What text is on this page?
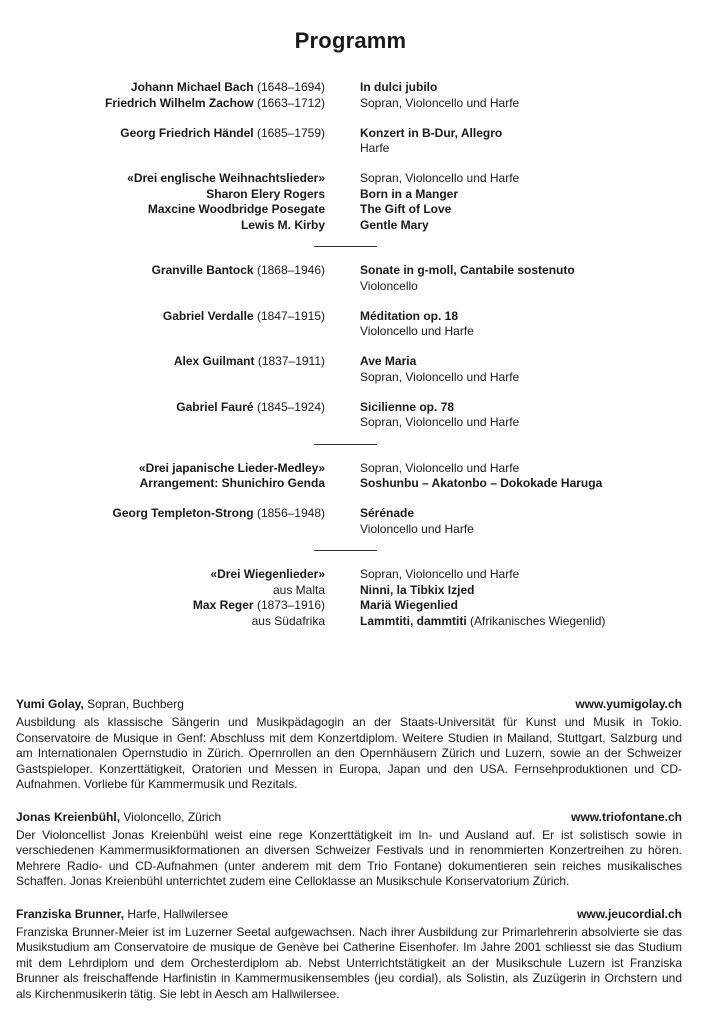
Programm
Johann Michael Bach (1648–1694)	In dulci jubilo
Friedrich Wilhelm Zachow (1663–1712)	Sopran, Violoncello und Harfe
Georg Friedrich Händel (1685–1759)	Konzert in B-Dur, Allegro
Harfe
«Drei englische Weihnachtslieder»	Sopran, Violoncello und Harfe
Sharon Elery Rogers	Born in a Manger
Maxcine Woodbridge Posegate	The Gift of Love
Lewis M. Kirby	Gentle Mary
Granville Bantock (1868–1946)	Sonate in g-moll, Cantabile sostenuto
Violoncello
Gabriel Verdalle (1847–1915)	Méditation op. 18
Violoncello und Harfe
Alex Guilmant (1837–1911)	Ave Maria
Sopran, Violoncello und Harfe
Gabriel Fauré (1845–1924)	Sicilienne op. 78
Sopran, Violoncello und Harfe
«Drei japanische Lieder-Medley»	Sopran, Violoncello und Harfe
Arrangement: Shunichiro Genda	Soshunbu – Akatonbo – Dokokade Haruga
Georg Templeton-Strong (1856–1948)	Sérénade
Violoncello und Harfe
«Drei Wiegenlieder»	Sopran, Violoncello und Harfe
aus Malta	Ninni, la Tibkix Izjed
Max Reger (1873–1916)	Mariä Wiegenlied
aus Südafrika	Lammtiti, dammtiti (Afrikanisches Wiegenlid)
Yumi Golay, Sopran, Buchberg	www.yumigolay.ch
Ausbildung als klassische Sängerin und Musikpädagogin an der Staats-Universität für Kunst und Musik in Tokio. Conservatoire de Musique in Genf: Abschluss mit dem Konzertdiplom. Weitere Studien in Mailand, Stuttgart, Salzburg und am Internationalen Opernstudio in Zürich. Opernrollen an den Opernhäusern Zürich und Luzern, sowie an der Schweizer Gastspieloper. Konzerttätigkeit, Oratorien und Messen in Europa, Japan und den USA. Fernsehproduktionen und CD-Aufnahmen. Vorliebe für Kammermusik und Rezitals.
Jonas Kreienbühl, Violoncello, Zürich	www.triofontane.ch
Der Violoncellist Jonas Kreienbühl weist eine rege Konzerttätigkeit im In- und Ausland auf. Er ist solistisch sowie in verschiedenen Kammermusikformationen an diversen Schweizer Festivals und in renommierten Konzertreihen zu hören. Mehrere Radio- und CD-Aufnahmen (unter anderem mit dem Trio Fontane) dokumentieren sein reiches musikalisches Schaffen. Jonas Kreienbühl unterrichtet zudem eine Celloklasse an Musikschule Konservatorium Zürich.
Franziska Brunner, Harfe, Hallwilersee	www.jeucordial.ch
Franziska Brunner-Meier ist im Luzerner Seetal aufgewachsen. Nach ihrer Ausbildung zur Primarlehrerin absolvierte sie das Musikstudium am Conservatoire de musique de Genève bei Catherine Eisenhofer. Im Jahre 2001 schliesst sie das Studium mit dem Lehrdiplom und dem Orchesterdiplom ab. Nebst Unterrichtstätigkeit an der Musikschule Luzern ist Franziska Brunner als freischaffende Harfinistin in Kammermusikensembles (jeu cordial), als Solistin, als Zuzügerin in Orchstern und als Kirchenmusikerin tätig. Sie lebt in Aesch am Hallwilersee.
